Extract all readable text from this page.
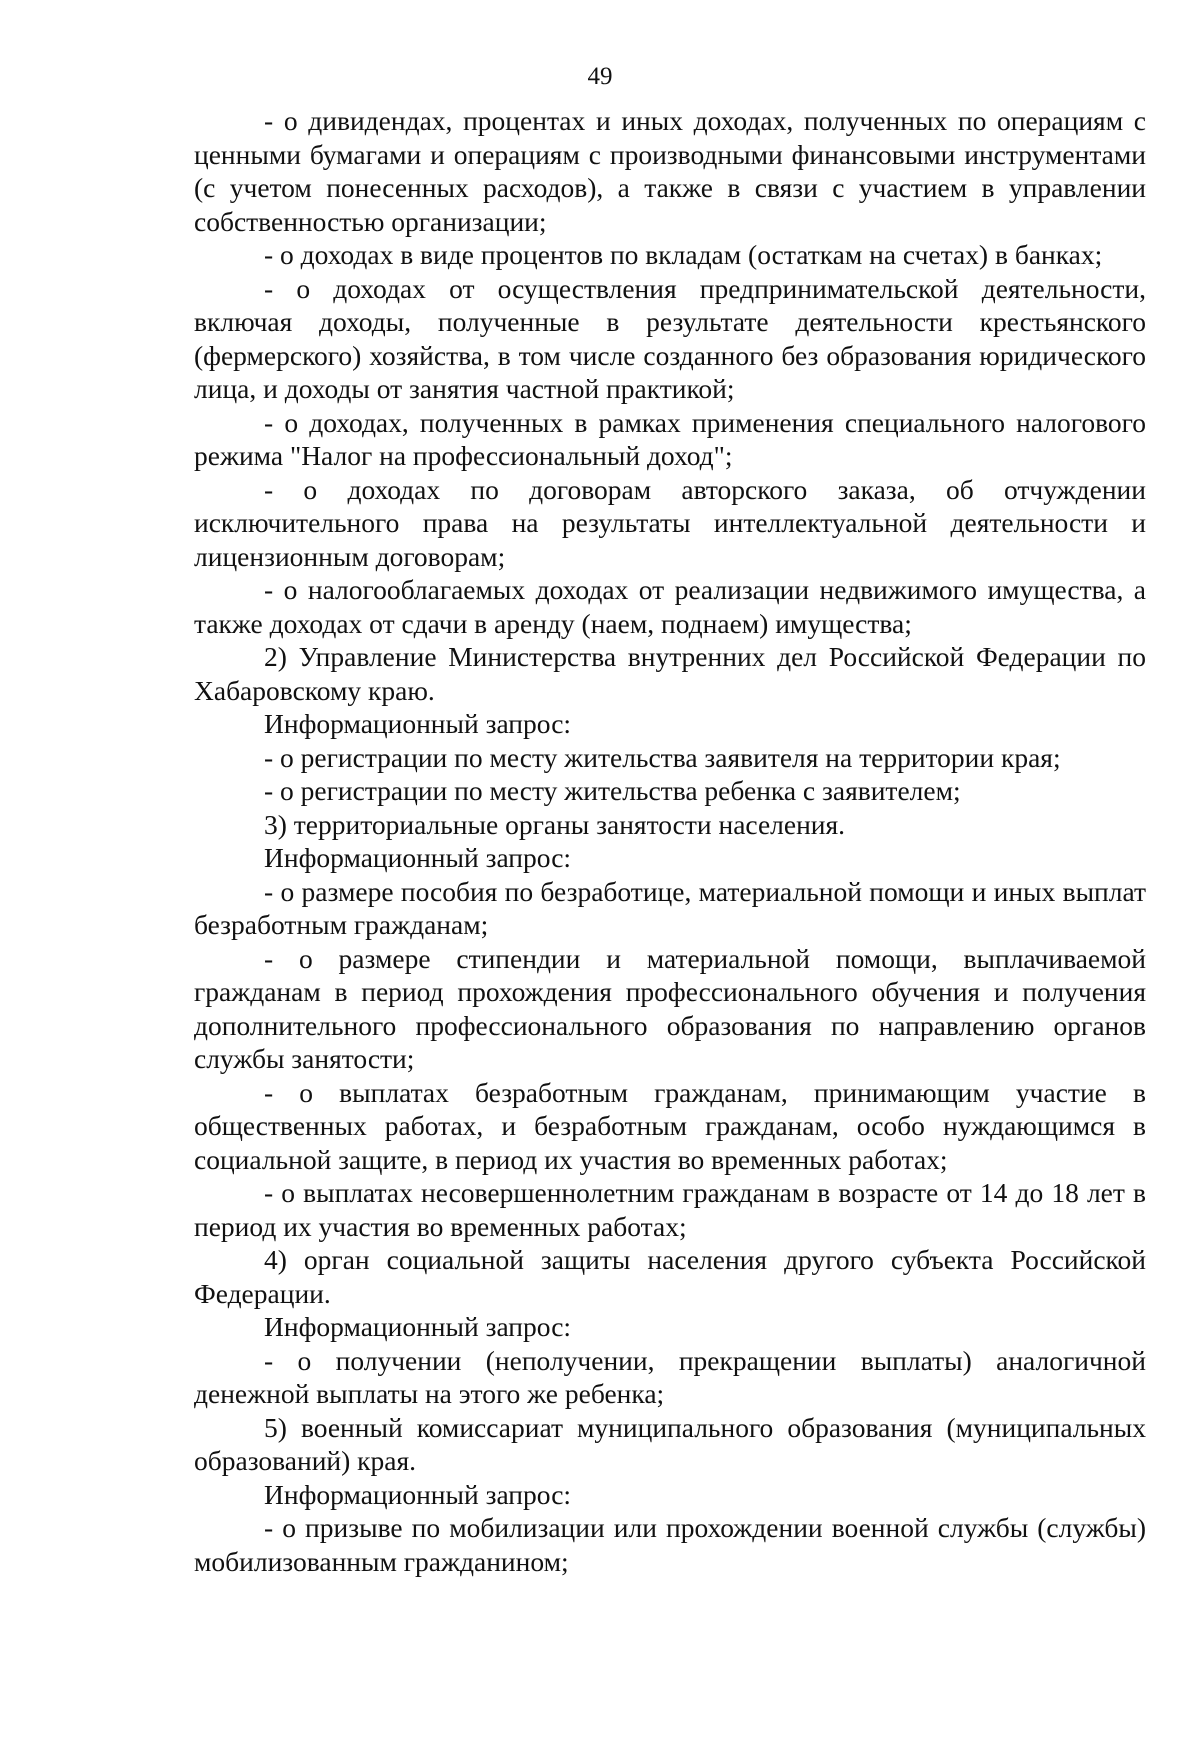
49

- о дивидендах, процентах и иных доходах, полученных по операциям с ценными бумагами и операциям с производными финансовыми инструментами (с учетом понесенных расходов), а также в связи с участием в управлении собственностью организации;

- о доходах в виде процентов по вкладам (остаткам на счетах) в банках;

- о доходах от осуществления предпринимательской деятельности, включая доходы, полученные в результате деятельности крестьянского (фермерского) хозяйства, в том числе созданного без образования юридического лица, и доходы от занятия частной практикой;

- о доходах, полученных в рамках применения специального налогового режима "Налог на профессиональный доход";

- о доходах по договорам авторского заказа, об отчуждении исключительного права на результаты интеллектуальной деятельности и лицензионным договорам;

- о налогооблагаемых доходах от реализации недвижимого имущества, а также доходах от сдачи в аренду (наем, поднаем) имущества;

2) Управление Министерства внутренних дел Российской Федерации по Хабаровскому краю.

Информационный запрос:

- о регистрации по месту жительства заявителя на территории края;

- о регистрации по месту жительства ребенка с заявителем;

3) территориальные органы занятости населения.

Информационный запрос:

- о размере пособия по безработице, материальной помощи и иных выплат безработным гражданам;

- о размере стипендии и материальной помощи, выплачиваемой гражданам в период прохождения профессионального обучения и получения дополнительного профессионального образования по направлению органов службы занятости;

- о выплатах безработным гражданам, принимающим участие в общественных работах, и безработным гражданам, особо нуждающимся в социальной защите, в период их участия во временных работах;

- о выплатах несовершеннолетним гражданам в возрасте от 14 до 18 лет в период их участия во временных работах;

4) орган социальной защиты населения другого субъекта Российской Федерации.

Информационный запрос:

- о получении (неполучении, прекращении выплаты) аналогичной денежной выплаты на этого же ребенка;

5) военный комиссариат муниципального образования (муниципальных образований) края.

Информационный запрос:

- о призыве по мобилизации или прохождении военной службы (службы) мобилизованным гражданином;
